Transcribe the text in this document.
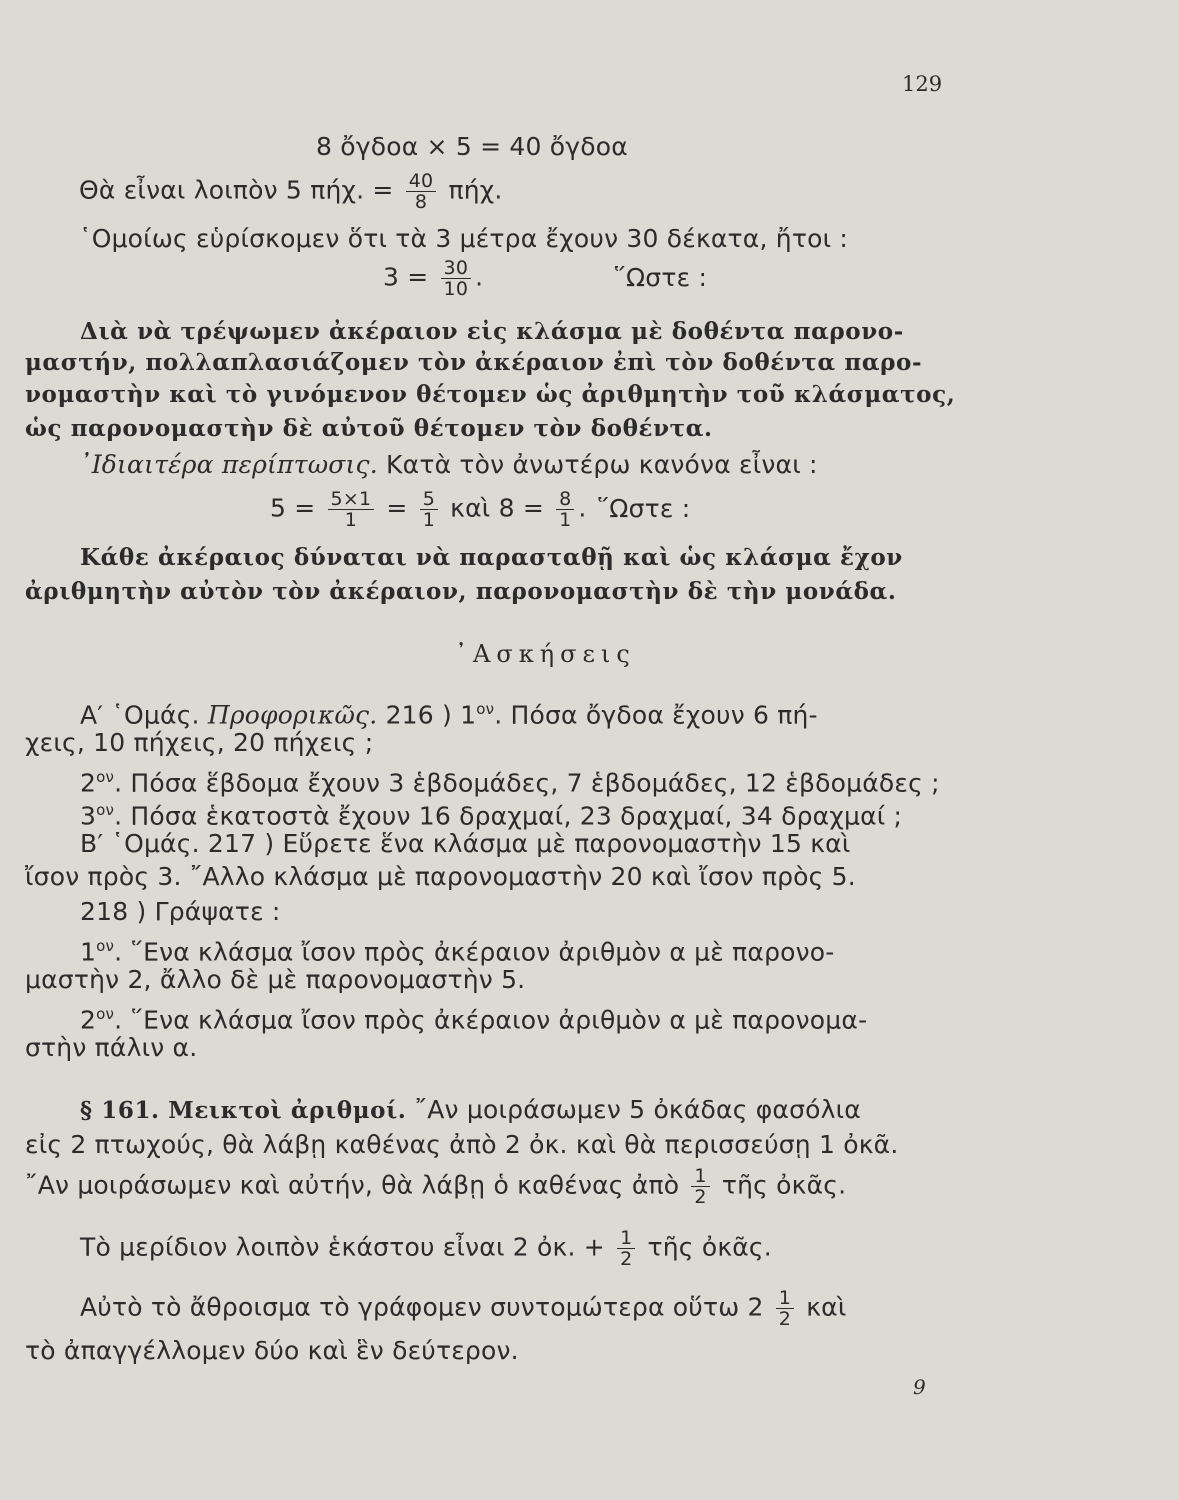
129
8 ὄγδοα × 5 = 40 ὄγδοα
Θὰ εἶναι λοιπὸν 5 πήχ. = $\frac{40}{8} \pi ή\chi$.
῾Ομοίως εὑρίσκομεν ὅτι τὰ 3 μέτρα ἔχουν 30 δέκατα, ἤτοι :
$3 = \frac{30}{10}$ .	῞Ωστε :
Διὰ νὰ τρέψωμεν ἀκέραιον εἰς κλάσμα μὲ δοθέντα παρονο-
μαστήν, πολλαπλασιάζομεν τὸν ἀκέραιον ἐπὶ τὸν δοθέντα παρο-
νομαστὴν καὶ τὸ γινόμενον θέτομεν ὡς ἀριθμητὴν τοῦ κλάσματος,
ὡς παρονομαστὴν δὲ αὐτοῦ θέτομεν τὸν δοθέντα.
᾿Ιδιαιτέρα περίπτωσις. Κατὰ τὸν ἀνωτέρω κανόνα εἶναι :
$5 = \frac{5\times 1}{1} = \frac{5}{1}$ καὶ $8 = \frac{8}{1}$ . ῞Ωστε :
Κάθε ἀκέραιος δύναται νὰ παρασταθῇ καὶ ὡς κλάσμα ἔχον
ἀριθμητὴν αὐτὸν τὸν ἀκέραιον, παρονομαστὴν δὲ τὴν μονάδα.
᾿Ασκήσεις
Α′ ῾Ομάς. Προφορικῶς. 216 ) $1^{o\nu}$. Πόσα ὄγδοα ἔχουν 6 πή-
χεις, 10 πήχεις, 20 πήχεις ;
$2^{o\nu}$. Πόσα ἕβδομα ἔχουν 3 ἑβδομάδες, 7 ἑβδομάδες, 12 ἑβδομάδες ;
$3^{o\nu}$. Πόσα ἑκατοστὰ ἔχουν 16 δραχμαί, 23 δραχμαί, 34 δραχμαί ;
Β′ ῾Ομάς. 217 ) Εὕρετε ἕνα κλάσμα μὲ παρονομαστὴν 15 καὶ
ἴσον πρὸς 3. ῎Αλλο κλάσμα μὲ παρονομαστὴν 20 καὶ ἴσον πρὸς 5.
218 ) Γράψατε :
$1^{o\nu}$. ῞Ενα κλάσμα ἴσον πρὸς ἀκέραιον ἀριθμὸν α μὲ παρονο-
μαστὴν 2, ἄλλο δὲ μὲ παρονομαστὴν 5.
$2^{o\nu}$. ῞Ενα κλάσμα ἴσον πρὸς ἀκέραιον ἀριθμὸν α μὲ παρονομα-
στὴν πάλιν α.
§ 161. Μεικτοὶ ἀριθμοί. ῎Αν μοιράσωμεν 5 ὀκάδας φασόλια
εἰς 2 πτωχούς, θὰ λάβῃ καθένας ἀπὸ 2 ὀκ. καὶ θὰ περισσεύσῃ 1 ὀκᾶ.
῎Αν μοιράσωμεν καὶ αὐτήν, θὰ λάβῃ ὁ καθένας ἀπὸ $\frac{1}{2}$ τῆς ὀκᾶς.
Τὸ μερίδιον λοιπὸν ἑκάστου εἶναι 2 ὀκ. + $\frac{1}{2}$ τῆς ὀκᾶς.
Αὐτὸ τὸ ἄθροισμα τὸ γράφομεν συντομώτερα οὕτω $2 \frac{1}{2}$ καὶ
τὸ ἀπαγγέλλομεν δύο καὶ ἓν δεύτερον.
9
